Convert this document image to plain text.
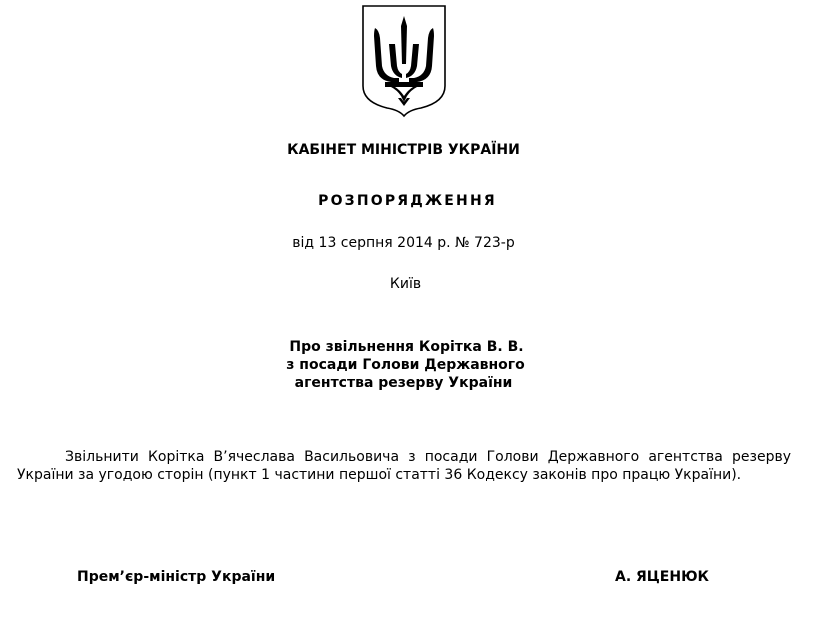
КАБІНЕТ МІНІСТРІВ УКРАЇНИ
РОЗПОРЯДЖЕННЯ
від 13 серпня 2014 р. № 723-р
Київ
Про звільнення Корітка В. В.
з посади Голови Державного
агентства резерву України
Звільнити Корітка В’ячеслава Васильовича з посади Голови Державного агентства резерву
України за угодою сторін (пункт 1 частини першої статті 36 Кодексу законів про працю України).
Прем’єр-міністр України	А. ЯЦЕНЮК
